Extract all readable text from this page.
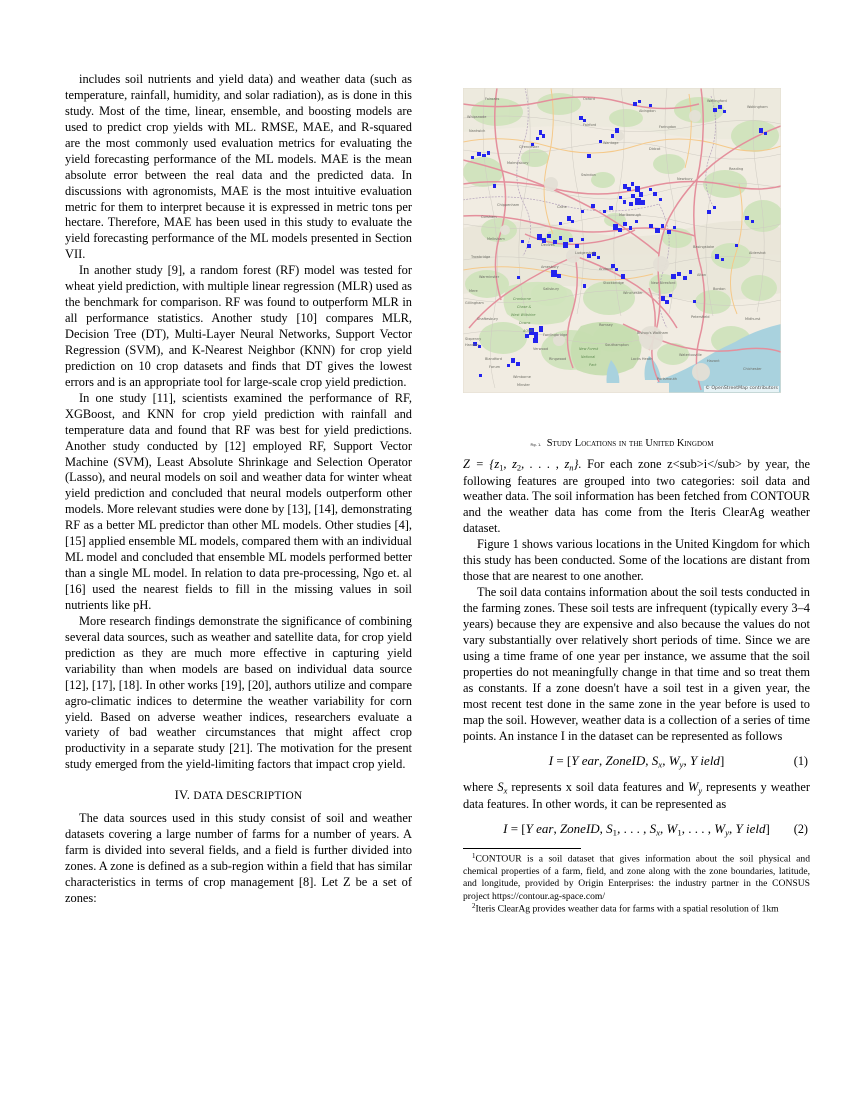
includes soil nutrients and yield data) and weather data (such as temperature, rainfall, humidity, and solar radiation), as is done in this study. Most of the time, linear, ensemble, and boosting models are used to predict crop yields with ML. RMSE, MAE, and R-squared are the most commonly used evaluation metrics for evaluating the yield forecasting performance of the ML models. MAE is the mean absolute error between the real data and the predicted data. In discussions with agronomists, MAE is the most intuitive evaluation metric for them to interpret because it is expressed in metric tons per hectare. Therefore, MAE has been used in this study to evaluate the yield forecasting performance of the ML models presented in Section VII.

In another study [9], a random forest (RF) model was tested for wheat yield prediction, with multiple linear regression (MLR) used as the benchmark for comparison. RF was found to outperform MLR in all performance statistics. Another study [10] compares MLR, Decision Tree (DT), Multi-Layer Neural Networks, Support Vector Regression (SVM), and K-Nearest Neighbor (KNN) for crop yield prediction on 10 crop datasets and finds that DT gives the lowest errors and is an appropriate tool for large-scale crop yield prediction.

In one study [11], scientists examined the performance of RF, XGBoost, and KNN for crop yield prediction with rainfall and temperature data and found that RF was best for yield predictions. Another study conducted by [12] employed RF, Support Vector Machine (SVM), Least Absolute Shrinkage and Selection Operator (Lasso), and neural models on soil and weather data for winter wheat yield prediction and concluded that neural models outperform other models. More relevant studies were done by [13], [14], demonstrating RF as a better ML predictor than other ML models. Other studies [4], [15] applied ensemble ML models, compared them with an individual ML model and concluded that ensemble ML models performed better than a single ML model. In relation to data pre-processing, Ngo et. al [16] used the nearest fields to fill in the missing values in soil nutrients like pH.

More research findings demonstrate the significance of combining several data sources, such as weather and satellite data, for crop yield prediction as they are much more effective in capturing yield variability than when models are based on individual data source [12], [17], [18]. In other works [19], [20], authors utilize and compare agro-climatic indices to determine the weather variability for corn yield. Based on adverse weather indices, researchers evaluate a variety of bad weather circumstances that might affect crop productivity in a separate study [21]. The motivation for the present study emerged from the yield-limiting factors that impact crop yield.

IV. DATA DESCRIPTION

The data sources used in this study consist of soil and weather datasets covering a large number of farms for a number of years. A farm is divided into several fields, and a field is further divided into zones. A zone is defined as a sub-region within a field that has similar characteristics in terms of crop management [8]. Let Z be a set of zones:

Fairoaks
Whipsnade
Nantwich
Oxford
Abingdon
Wallingford
Wokingham
Faringdon
Fairford
Cirencester
Malmesbury
Wantage
Didcot
Swindon
Newbury
Reading
Marlborough
Calne
Chippenham
Corsham
Melksham
Devizes
Trowbridge
Warminster
Ludgershall
Andover
Basingstoke
Aldershot
Amesbury
Stockbridge
Mere
Gillingham
Shaftesbury
Salisbury
New Alresford
Winchester
Alton
Bordon
Petersfield	Midhurst
Romsey
Bishop's Waltham
Fordingbridge
Sixpenny
Handley
Verwood
Blandford
Forum
Ringwood
Wimborne
Minster
Southampton
Locks Heath
Waterlooville
Havant
Chichester
Portsmouth
Cranborne
Chase &
West Wiltshire
Downs
AONB
New Forest
National
Park
© OpenStreetMap contributors
Fig. 1. Study Locations in the United Kingdom

Z = {z1, z2, . . . , $z_n$}. For each zone z<sub>i</sub> by year, the following features are grouped into two categories: soil data and weather data. The soil information has been fetched from CONTOUR and the weather data has come from the Iteris ClearAg weather dataset.

Figure 1 shows various locations in the United Kingdom for which this study has been conducted. Some of the locations are distant from those that are nearest to one another.

The soil data contains information about the soil tests conducted in the farming zones. These soil tests are infrequent (typically every 3–4 years) because they are expensive and also because the values do not vary substantially over relatively short periods of time. Since we are using a time frame of one year per instance, we assume that the soil properties do not meaningfully change in that time and so treat them as constants. If a zone doesn't have a soil test in a given year, the most recent test done in the same zone in the year before is used to map the soil. However, weather data is a collection of a series of time points. An instance I in the dataset can be represented as follows

I = [Y ear, ZoneID, $S_x$, $W_y$, Y ield]	(1)

where $S_x$ represents x soil data features and $W_y$ represents y weather data features. In other words, it can be represented as

I = [Y ear, ZoneID, S1, . . . , $S_x$, W1, . . . , $W_y$, Y ield] (2)

$^1$CONTOUR is a soil dataset that gives information about the soil physical and chemical properties of a farm, field, and zone along with the zone boundaries, latitude, and longitude, provided by Origin Enterprises: the industry partner in the CONSUS project https://contour.ag-space.com/

$^2$Iteris ClearAg provides weather data for farms with a spatial resolution of 1km
